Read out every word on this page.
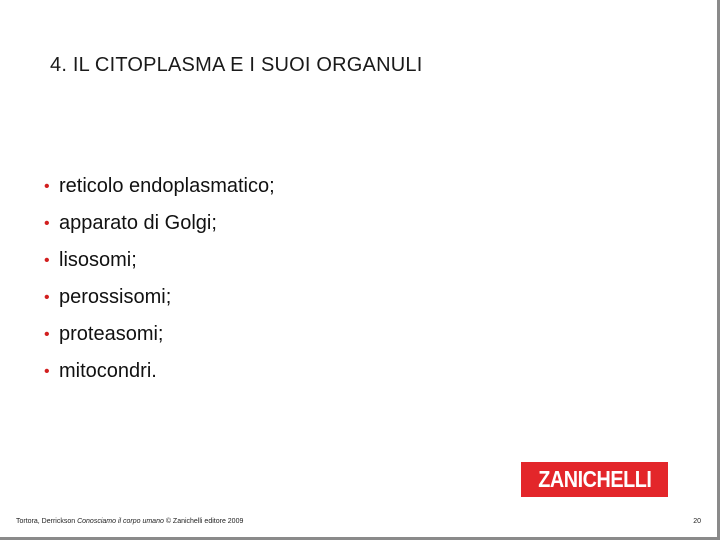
4. IL CITOPLASMA E I SUOI ORGANULI
• reticolo endoplasmatico;
• apparato di Golgi;
• lisosomi;
• perossisomi;
• proteasomi;
• mitocondri.
ZANICHELLI
Tortora, Derrickson Conosciamo il corpo umano © Zanichelli editore 2009	20
